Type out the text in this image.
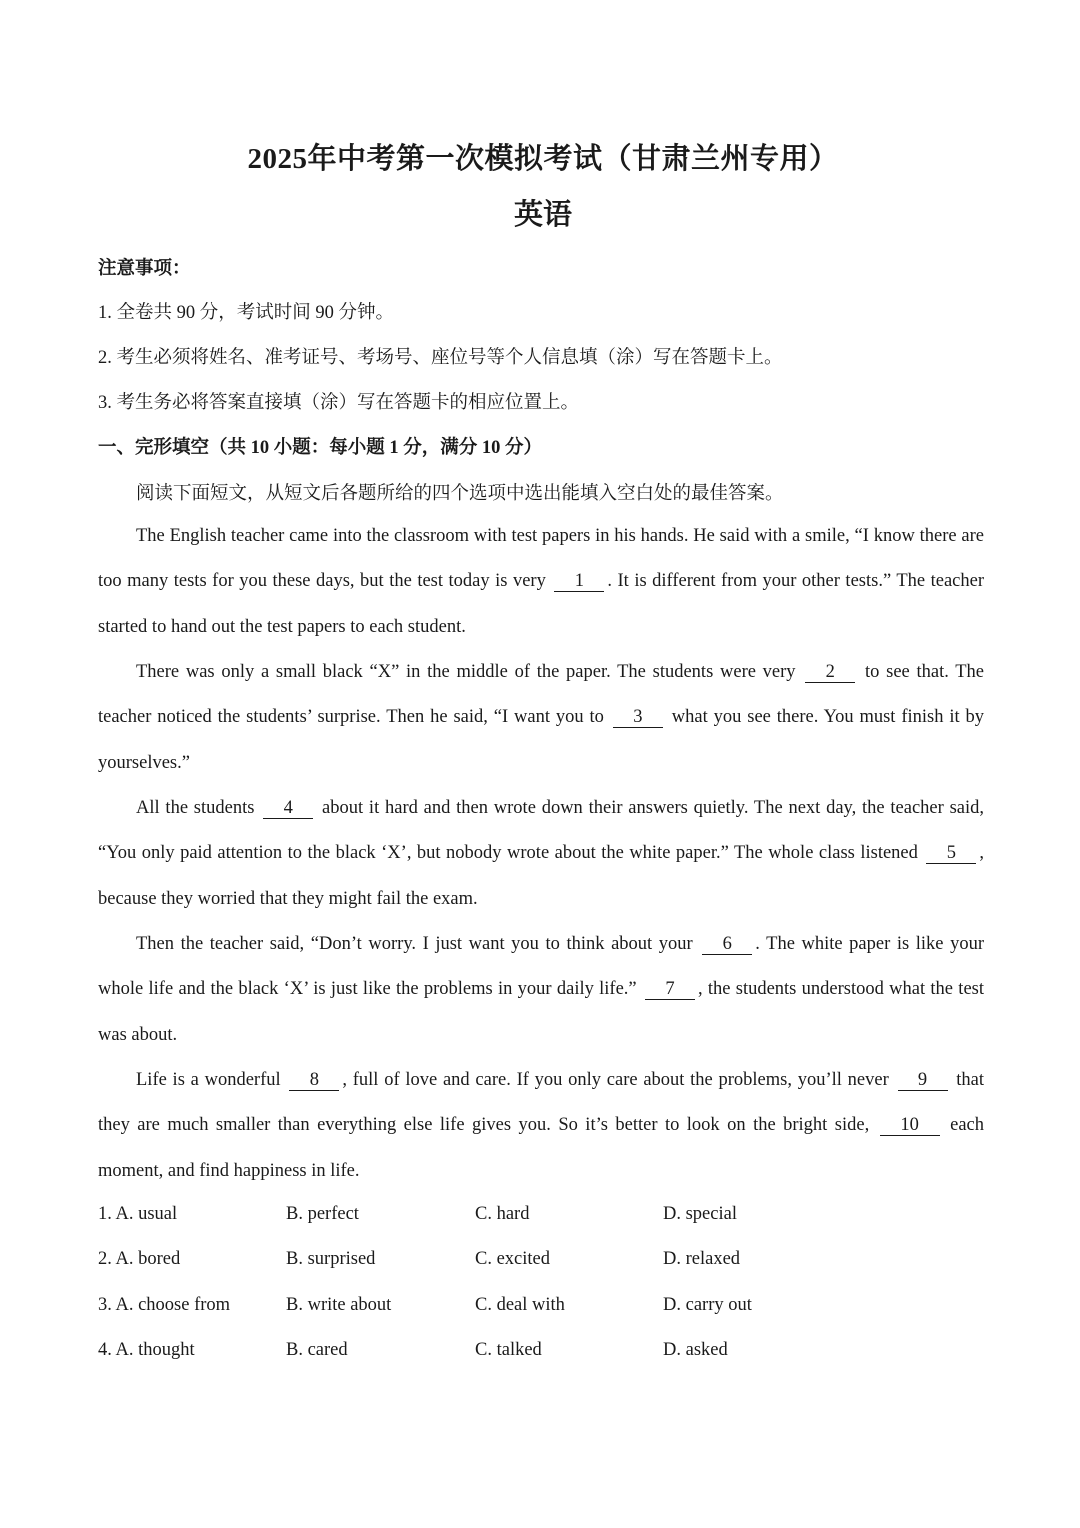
2025年中考第一次模拟考试（甘肃兰州专用）
英语
注意事项：
1. 全卷共 90 分，考试时间 90 分钟。
2. 考生必须将姓名、准考证号、考场号、座位号等个人信息填（涂）写在答题卡上。
3. 考生务必将答案直接填（涂）写在答题卡的相应位置上。
一、完形填空（共 10 小题：每小题 1 分，满分 10 分）
阅读下面短文，从短文后各题所给的四个选项中选出能填入空白处的最佳答案。

The English teacher came into the classroom with test papers in his hands. He said with a smile, “I know there are too many tests for you these days, but the test today is very 1 . It is different from your other tests.” The teacher started to hand out the test papers to each student.

There was only a small black “X” in the middle of the paper. The students were very 2 to see that. The teacher noticed the students’ surprise. Then he said, “I want you to 3 what you see there. You must finish it by yourselves.”

All the students 4 about it hard and then wrote down their answers quietly. The next day, the teacher said, “You only paid attention to the black ‘X’, but nobody wrote about the white paper.” The whole class listened 5 , because they worried that they might fail the exam.

Then the teacher said, “Don’t worry. I just want you to think about your 6 . The white paper is like your whole life and the black ‘X’ is just like the problems in your daily life.” 7 , the students understood what the test was about.

Life is a wonderful 8 , full of love and care. If you only care about the problems, you’ll never 9 that they are much smaller than everything else life gives you. So it’s better to look on the bright side, 10 each moment, and find happiness in life.

1. A. usual	B. perfect	C. hard	D. special
2. A. bored	B. surprised	C. excited	D. relaxed
3. A. choose from	B. write about	C. deal with	D. carry out
4. A. thought	B. cared	C. talked	D. asked
